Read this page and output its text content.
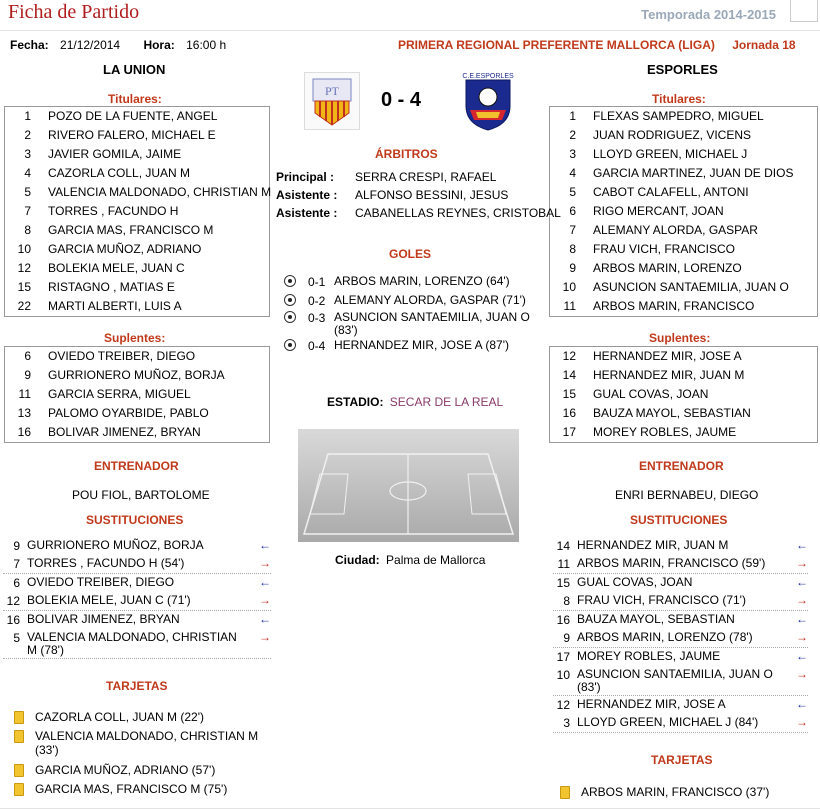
Ficha de Partido	Temporada 2014-2015
Fecha: 21/12/2014 Hora: 16:00 h	PRIMERA REGIONAL PREFERENTE MALLORCA (LIGA) Jornada 18
LA UNION	ESPORLES
PT
C.E.ESPORLES
0 - 4
Titulares:
1 POZO DE LA FUENTE, ANGEL
2 RIVERO FALERO, MICHAEL E
3 JAVIER GOMILA, JAIME
4 CAZORLA COLL, JUAN M
5 VALENCIA MALDONADO, CHRISTIAN M
7 TORRES , FACUNDO H
8 GARCIA MAS, FRANCISCO M
10 GARCIA MUÑOZ, ADRIANO
12 BOLEKIA MELE, JUAN C
15 RISTAGNO , MATIAS E
22 MARTI ALBERTI, LUIS A
Titulares:
1 FLEXAS SAMPEDRO, MIGUEL
2 JUAN RODRIGUEZ, VICENS
3 LLOYD GREEN, MICHAEL J
4 GARCIA MARTINEZ, JUAN DE DIOS
5 CABOT CALAFELL, ANTONI
6 RIGO MERCANT, JOAN
7 ALEMANY ALORDA, GASPAR
8 FRAU VICH, FRANCISCO
9 ARBOS MARIN, LORENZO
10 ASUNCION SANTAEMILIA, JUAN O
11 ARBOS MARIN, FRANCISCO
ÁRBITROS
Principal : SERRA CRESPI, RAFAEL
Asistente : ALFONSO BESSINI, JESUS
Asistente : CABANELLAS REYNES, CRISTOBAL
GOLES
0-1 ARBOS MARIN, LORENZO (64')
0-2 ALEMANY ALORDA, GASPAR (71')
0-3 ASUNCION SANTAEMILIA, JUAN O (83')
0-4 HERNANDEZ MIR, JOSE A (87')
Suplentes:
6 OVIEDO TREIBER, DIEGO
9 GURRIONERO MUÑOZ, BORJA
11 GARCIA SERRA, MIGUEL
13 PALOMO OYARBIDE, PABLO
16 BOLIVAR JIMENEZ, BRYAN
Suplentes:
12 HERNANDEZ MIR, JOSE A
14 HERNANDEZ MIR, JUAN M
15 GUAL COVAS, JOAN
16 BAUZA MAYOL, SEBASTIAN
17 MOREY ROBLES, JAUME
ESTADIO: SECAR DE LA REAL
Ciudad: Palma de Mallorca
ENTRENADOR
POU FIOL, BARTOLOME
ENTRENADOR
ENRI BERNABEU, DIEGO
SUSTITUCIONES
9 GURRIONERO MUÑOZ, BORJA	←
7 TORRES , FACUNDO H (54')	→
6 OVIEDO TREIBER, DIEGO	←
12 BOLEKIA MELE, JUAN C (71')	→
16 BOLIVAR JIMENEZ, BRYAN	←
5 VALENCIA MALDONADO, CHRISTIAN M (78')
→
SUSTITUCIONES
14 HERNANDEZ MIR, JUAN M	←
11 ARBOS MARIN, FRANCISCO (59')	→
15 GUAL COVAS, JOAN	←
8 FRAU VICH, FRANCISCO (71')	→
16 BAUZA MAYOL, SEBASTIAN	←
9 ARBOS MARIN, LORENZO (78')	→
17 MOREY ROBLES, JAUME	←
10 ASUNCION SANTAEMILIA, JUAN O (83')
→
12 HERNANDEZ MIR, JOSE A	←
3 LLOYD GREEN, MICHAEL J (84')	→
TARJETAS
CAZORLA COLL, JUAN M (22')
VALENCIA MALDONADO, CHRISTIAN M (33')
GARCIA MUÑOZ, ADRIANO (57')
GARCIA MAS, FRANCISCO M (75')
TARJETAS
ARBOS MARIN, FRANCISCO (37')
